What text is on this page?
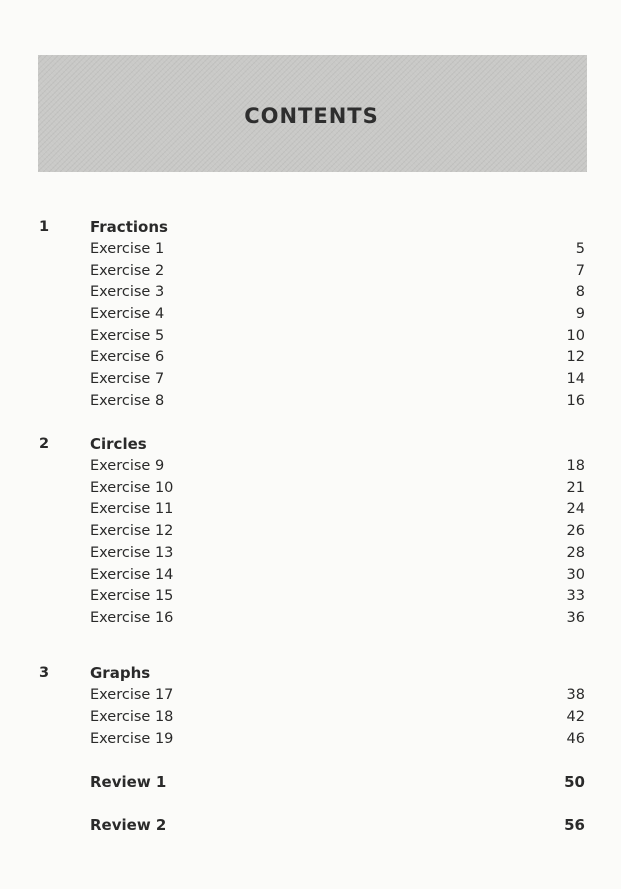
CONTENTS
1	Fractions
Exercise 1	5
Exercise 2	7
Exercise 3	8
Exercise 4	9
Exercise 5	10
Exercise 6	12
Exercise 7	14
Exercise 8	16
2	Circles
Exercise 9	18
Exercise 10	21
Exercise 11	24
Exercise 12	26
Exercise 13	28
Exercise 14	30
Exercise 15	33
Exercise 16	36
3	Graphs
Exercise 17	38
Exercise 18	42
Exercise 19	46
Review 1	50
Review 2	56
